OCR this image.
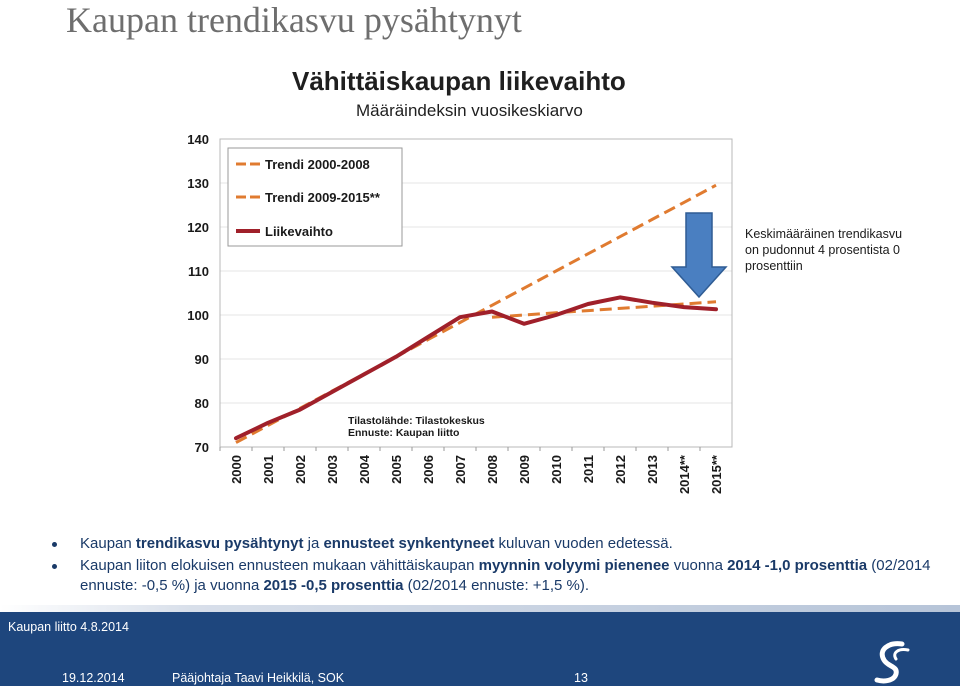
Kaupan trendikasvu pysähtynyt
Vähittäiskaupan liikevaihto
Määräindeksin vuosikeskiarvo
70
80
90
100
110
120
130
140
2000 2001 2002 2003 2004 2005 2006 2007 2008 2009 2010 2011 2012 2013 2014** 2015**
Trendi 2000-2008
Trendi 2009-2015**
Liikevaihto
Tilastolähde: Tilastokeskus
Ennuste: Kaupan liitto
Keskimääräinen trendikasvu on pudonnut 4 prosentista 0 prosenttiin
Kaupan trendikasvu pysähtynyt ja ennusteet synkentyneet kuluvan vuoden edetessä.
Kaupan liiton elokuisen ennusteen mukaan vähittäiskaupan myynnin volyymi pienenee vuonna 2014 -1,0 prosenttia (02/2014 ennuste: -0,5 %) ja vuonna 2015 -0,5 prosenttia (02/2014 ennuste: +1,5 %).
Kaupan liitto 4.8.2014
19.12.2014	Pääjohtaja Taavi Heikkilä, SOK	13
